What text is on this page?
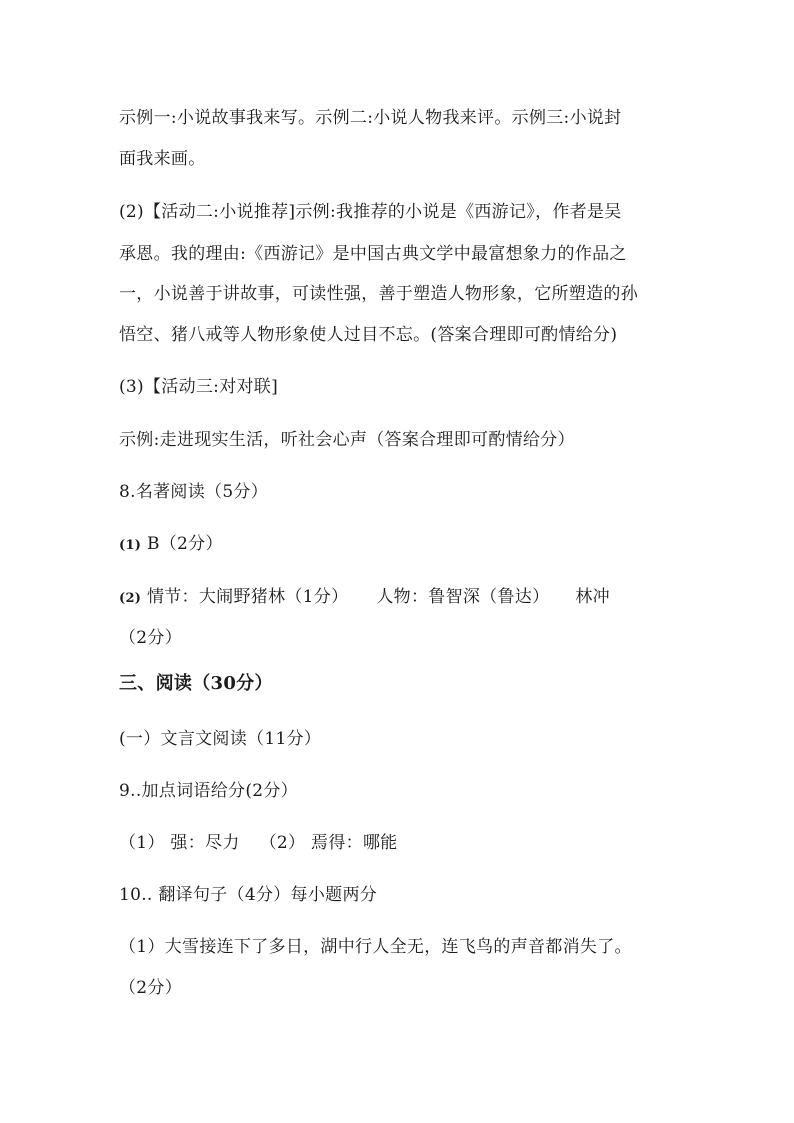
示例一:小说故事我来写。示例二:小说人物我来评。示例三:小说封
面我来画。
(2)【活动二:小说推荐]示例:我推荐的小说是《西游记》，作者是吴
承恩。我的理由:《西游记》是中国古典文学中最富想象力的作品之
一，小说善于讲故事，可读性强，善于塑造人物形象，它所塑造的孙
悟空、猪八戒等人物形象使人过目不忘。(答案合理即可酌情给分)
(3)【活动三:对对联]
示例:走进现实生活，听社会心声（答案合理即可酌情给分）
8.名著阅读（5分）
(1) B（2分）
(2) 情节：大闹野猪林（1分） 人物：鲁智深（鲁达） 林冲
（2分）
三、阅读（30分）
(一）文言文阅读（11分）
9..加点词语给分(2分）
（1） 强：尽力 （2） 焉得：哪能
10.. 翻译句子（4分）每小题两分
（1）大雪接连下了多日，湖中行人全无，连飞鸟的声音都消失了。
（2分）
